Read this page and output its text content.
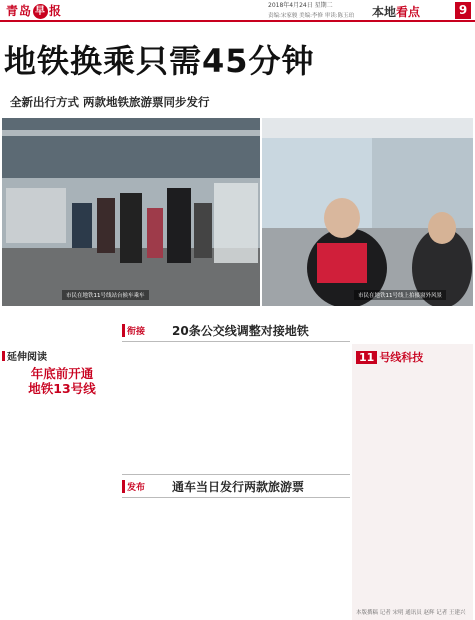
青岛 早 报	2018年4月24日 星期二
责编:宋家骏 美编:李修 审读:陈玉珀 本地看点	9
地铁换乘只需45分钟
全新出行方式 两款地铁旅游票同步发行
市民在地铁11号线站台候车乘车	市民在地铁11号线上拍摄窗外风景
延伸阅读
年底前开通
地铁13号线
衔接 20条公交线调整对接地铁
发布 通车当日发行两款旅游票
11 号线科技
本版撰稿 记者 宋明 通讯员 赵辉 记者 王建兴
